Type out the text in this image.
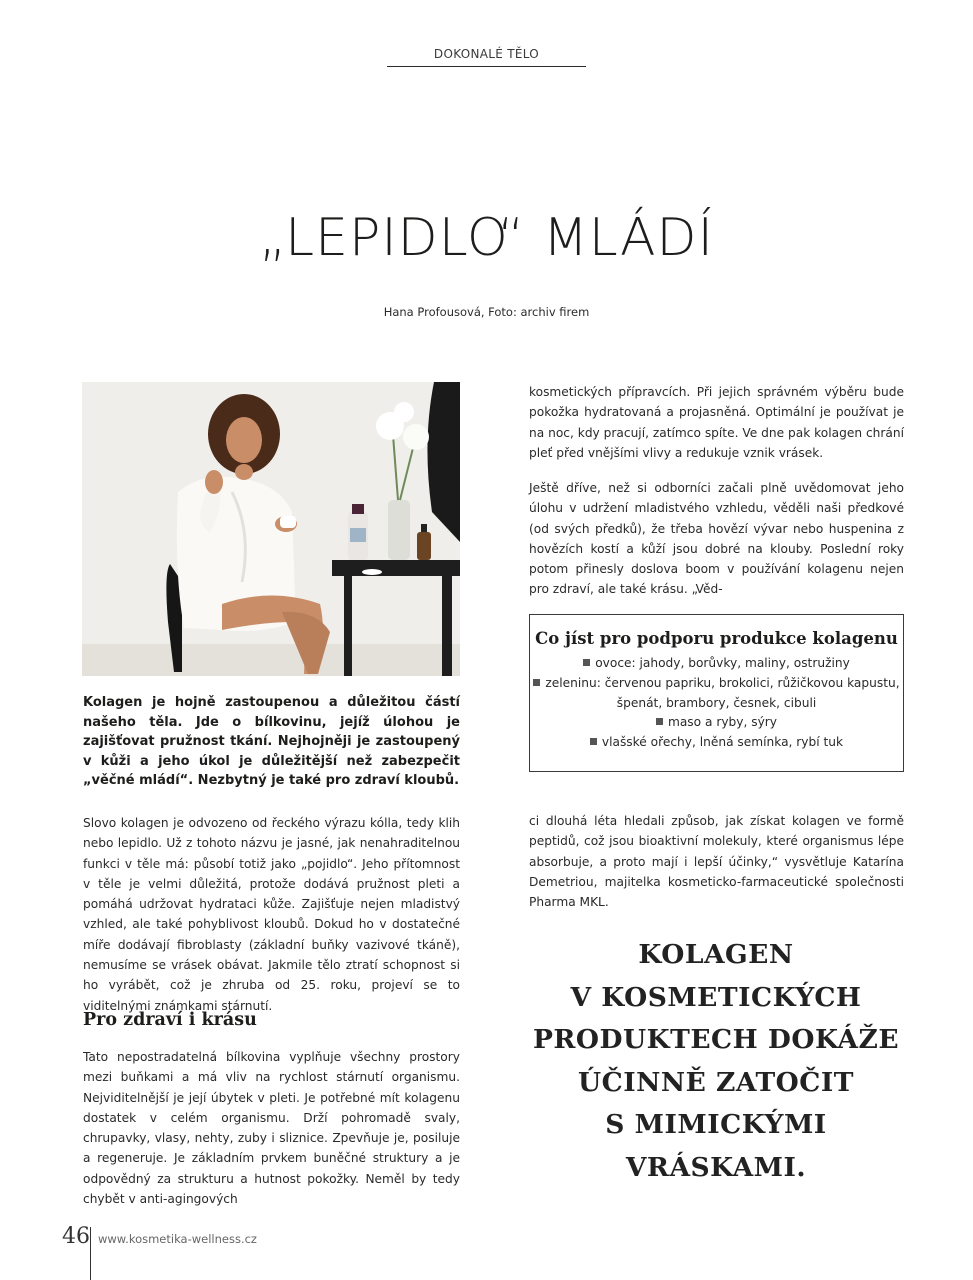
DOKONALÉ TĚLO
„LEPIDLO“ MLÁDÍ
Hana Profousová, Foto: archiv firem

Kolagen je hojně zastoupenou a důležitou částí našeho těla. Jde o bílkovinu, jejíž úlohou je zajišťovat pružnost tkání. Nejhojněji je zastoupený v kůži a jeho úkol je důležitější než zabezpečit „věčné mládí“. Nezbytný je také pro zdraví kloubů.

Slovo kolagen je odvozeno od řeckého výrazu kólla, tedy klih nebo lepidlo. Už z tohoto názvu je jasné, jak nenahraditelnou funkci v těle má: působí totiž jako „pojidlo“. Jeho přítomnost v těle je velmi důležitá, protože dodává pružnost pleti a pomáhá udržovat hydrataci kůže. Zajišťuje nejen mladistvý vzhled, ale také pohyblivost kloubů. Dokud ho v dostatečné míře dodávají fibroblasty (základní buňky vazivové tkáně), nemusíme se vrásek obávat. Jakmile tělo ztratí schopnost si ho vyrábět, což je zhruba od 25. roku, projeví se to viditelnými známkami stárnutí.

Pro zdraví i krásu

Tato nepostradatelná bílkovina vyplňuje všechny prostory mezi buňkami a má vliv na rychlost stárnutí organismu. Nejviditelnější je její úbytek v pleti. Je potřebné mít kolagenu dostatek v celém organismu. Drží pohromadě svaly, chrupavky, vlasy, nehty, zuby i sliznice. Zpevňuje je, posiluje a regeneruje. Je základním prvkem buněčné struktury a je odpovědný za strukturu a hutnost pokožky. Neměl by tedy chybět v anti-agingových

kosmetických přípravcích. Při jejich správném výběru bude pokožka hydratovaná a projasněná. Optimální je používat je na noc, kdy pracují, zatímco spíte. Ve dne pak kolagen chrání pleť před vnějšími vlivy a redukuje vznik vrásek.

Ještě dříve, než si odborníci začali plně uvědomovat jeho úlohu v udržení mladistvého vzhledu, věděli naši předkové (od svých předků), že třeba hovězí vývar nebo huspenina z hovězích kostí a kůží jsou dobré na klouby. Poslední roky potom přinesly doslova boom v používání kolagenu nejen pro zdraví, ale také krásu. „Věd-

Co jíst pro podporu produkce kolagenu
ovoce: jahody, borůvky, maliny, ostružiny
zeleninu: červenou papriku, brokolici, růžičkovou kapustu, špenát, brambory, česnek, cibuli
maso a ryby, sýry
vlašské ořechy, lněná semínka, rybí tuk

ci dlouhá léta hledali způsob, jak získat kolagen ve formě peptidů, což jsou bioaktivní molekuly, které organismus lépe absorbuje, a proto mají i lepší účinky,“ vysvětluje Katarína Demetriou, majitelka kosmeticko-farmaceutické společnosti Pharma MKL.

KOLAGEN
V KOSMETICKÝCH
PRODUKTECH DOKÁŽE
ÚČINNĚ ZATOČIT
S MIMICKÝMI
VRÁSKAMI.
46 www.kosmetika-wellness.cz
